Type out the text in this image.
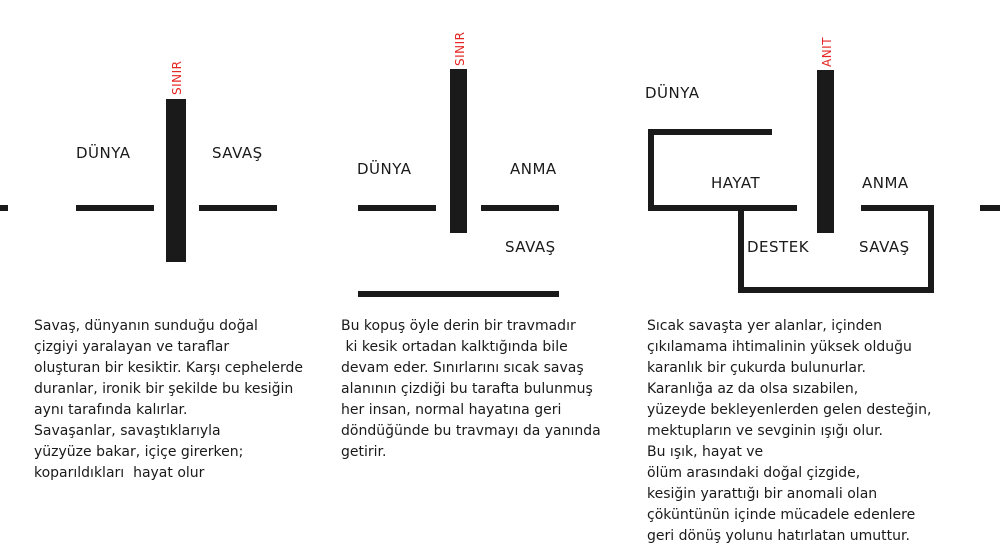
DÜNYA	SAVAŞ
SINIR
DÜNYA	ANMA
SAVAŞ
SINIR
DÜNYA
HAYAT	ANMA
DESTEK	SAVAŞ
ANIT
Savaş, dünyanın sunduğu doğal
çizgiyi yaralayan ve taraflar
oluşturan bir kesiktir. Karşı cephelerde
duranlar, ironik bir şekilde bu kesiğin
aynı tarafında kalırlar.
Savaşanlar, savaştıklarıyla
yüzyüze bakar, içiçe girerken;
koparıldıkları  hayat olur
Bu kopuş öyle derin bir travmadır
ki kesik ortadan kalktığında bile
devam eder. Sınırlarını sıcak savaş
alanının çizdiği bu tarafta bulunmuş
her insan, normal hayatına geri
döndüğünde bu travmayı da yanında
getirir.
Sıcak savaşta yer alanlar, içinden
çıkılamama ihtimalinin yüksek olduğu
karanlık bir çukurda bulunurlar.
Karanlığa az da olsa sızabilen,
yüzeyde bekleyenlerden gelen desteğin,
mektupların ve sevginin ışığı olur.
Bu ışık, hayat ve
ölüm arasındaki doğal çizgide,
kesiğin yarattığı bir anomali olan
çöküntünün içinde mücadele edenlere
geri dönüş yolunu hatırlatan umuttur.
